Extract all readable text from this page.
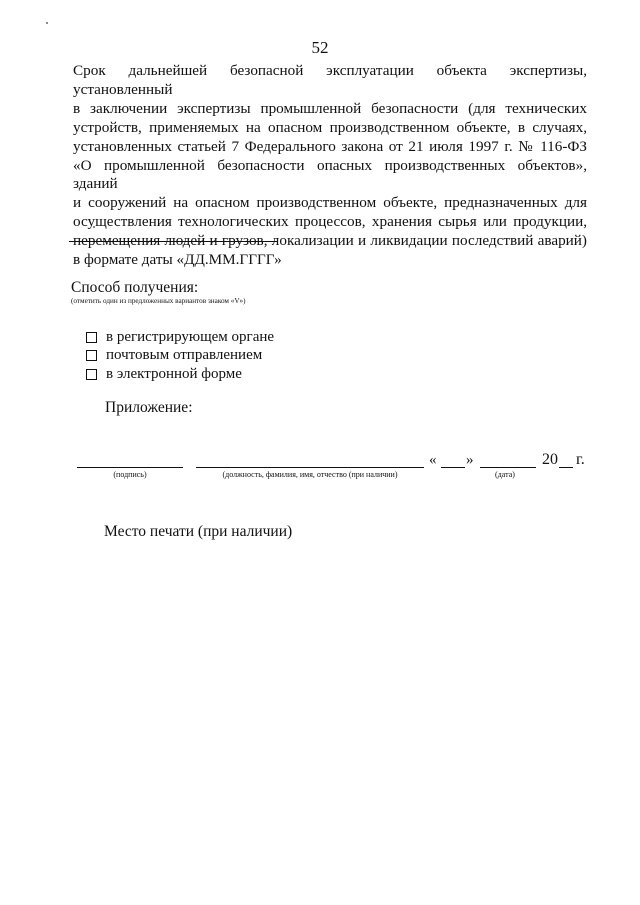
52
Срок дальнейшей безопасной эксплуатации объекта экспертизы, установленный
в заключении экспертизы промышленной безопасности (для технических
устройств, применяемых на опасном производственном объекте, в случаях,
установленных статьей 7 Федерального закона от 21 июля 1997 г. № 116-ФЗ
«О промышленной безопасности опасных производственных объектов», зданий
и сооружений на опасном производственном объекте, предназначенных для
осуществления технологических процессов, хранения сырья или продукции,
перемещения людей и грузов, локализации и ликвидации последствий аварий)
в формате даты «ДД.ММ.ГГГГ»
Способ получения:
(отметить один из предложенных вариантов знаком «V»)
в регистрирующем органе
почтовым отправлением
в электронной форме
Приложение:
« »	20 г.
(подпись)	(должность, фамилия, имя, отчество (при наличии)	(дата)
Место печати (при наличии)
